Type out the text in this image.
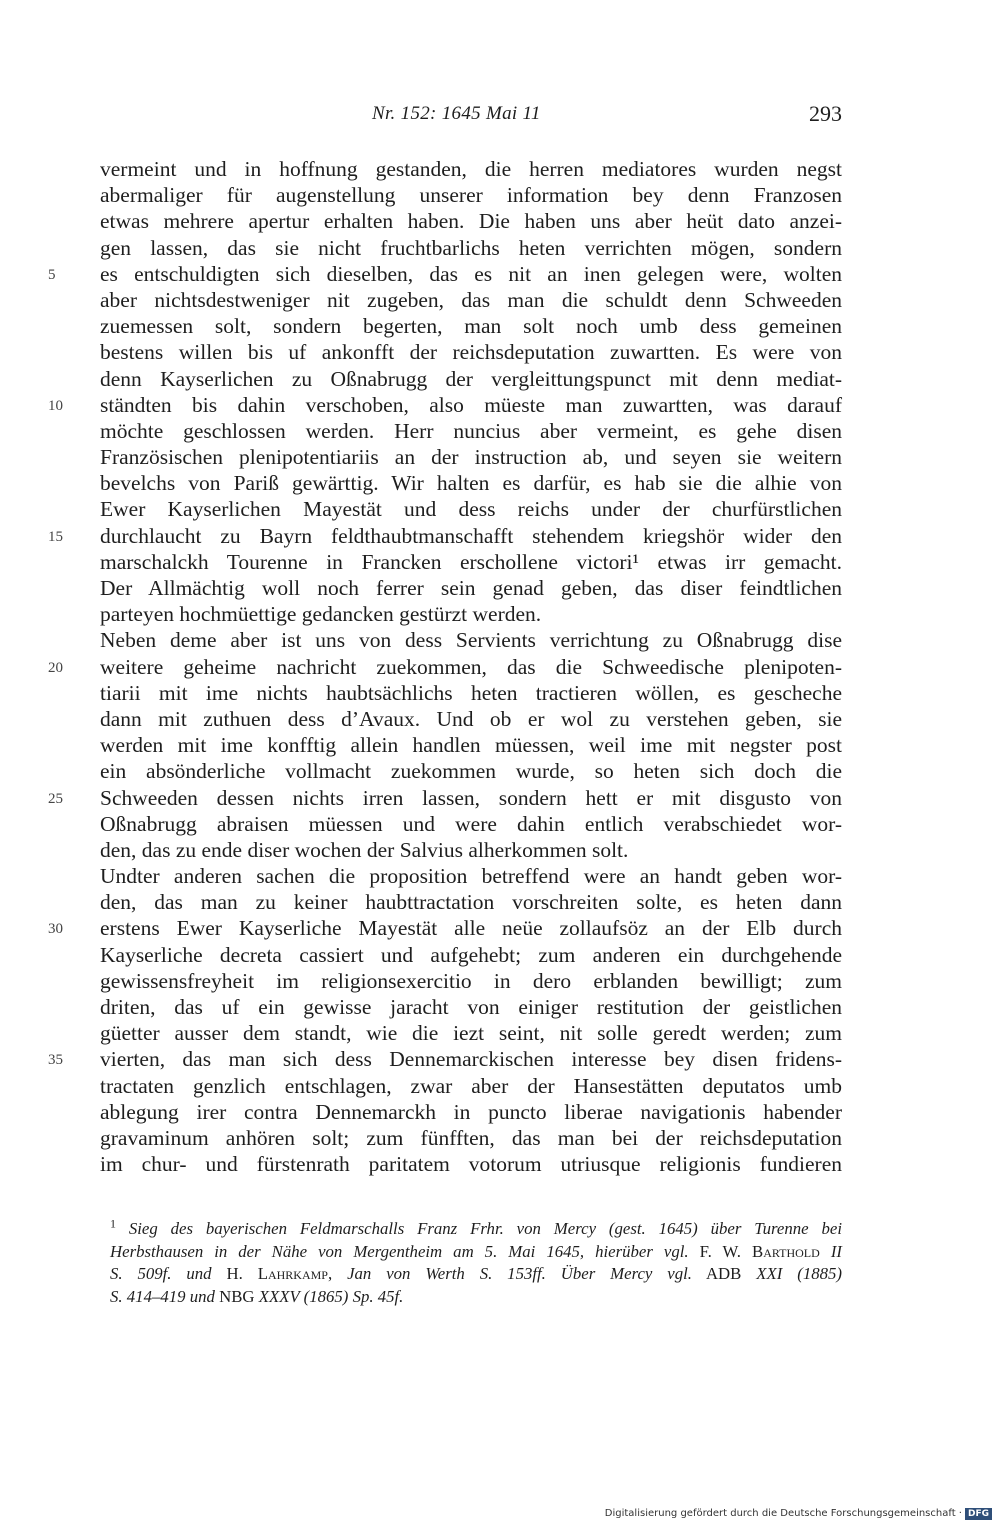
Nr. 152: 1645 Mai 11	293
vermeint und in hoffnung gestanden, die herren mediatores wurden negst
abermaliger für augenstellung unserer information bey denn Franzosen
etwas mehrere apertur erhalten haben. Die haben uns aber heüt dato anzei-
gen lassen, das sie nicht fruchtbarlichs heten verrichten mögen, sondern
5	es entschuldigten sich dieselben, das es nit an inen gelegen were, wolten
aber nichtsdestweniger nit zugeben, das man die schuldt denn Schweeden
zuemessen solt, sondern begerten, man solt noch umb dess gemeinen
bestens willen bis uf ankonfft der reichsdeputation zuwartten. Es were von
denn Kayserlichen zu Oßnabrugg der vergleittungspunct mit denn mediat-
10	ständten bis dahin verschoben, also müeste man zuwartten, was darauf
möchte geschlossen werden. Herr nuncius aber vermeint, es gehe disen
Französischen plenipotentiariis an der instruction ab, und seyen sie weitern
bevelchs von Pariß gewärttig. Wir halten es darfür, es hab sie die alhie von
Ewer Kayserlichen Mayestät und dess reichs under der churfürstlichen
15	durchlaucht zu Bayrn feldthaubtmanschafft stehendem kriegshör wider den
marschalckh Tourenne in Francken erschollene victori¹ etwas irr gemacht.
Der Allmächtig woll noch ferrer sein genad geben, das diser feindtlichen
parteyen hochmüettige gedancken gestürzt werden.
Neben deme aber ist uns von dess Servients verrichtung zu Oßnabrugg dise
20	weitere geheime nachricht zuekommen, das die Schweedische plenipoten-
tiarii mit ime nichts haubtsächlichs heten tractieren wöllen, es gescheche
dann mit zuthuen dess d’Avaux. Und ob er wol zu verstehen geben, sie
werden mit ime konfftig allein handlen müessen, weil ime mit negster post
ein absönderliche vollmacht zuekommen wurde, so heten sich doch die
25	Schweeden dessen nichts irren lassen, sondern hett er mit disgusto von
Oßnabrugg abraisen müessen und were dahin entlich verabschiedet wor-
den, das zu ende diser wochen der Salvius alherkommen solt.
Undter anderen sachen die proposition betreffend were an handt geben wor-
den, das man zu keiner haubttractation vorschreiten solte, es heten dann
30	erstens Ewer Kayserliche Mayestät alle neüe zollaufsöz an der Elb durch
Kayserliche decreta cassiert und aufgehebt; zum anderen ein durchgehende
gewissensfreyheit im religionsexercitio in dero erblanden bewilligt; zum
driten, das uf ein gewisse jaracht von einiger restitution der geistlichen
güetter ausser dem standt, wie die iezt seint, nit solle geredt werden; zum
35	vierten, das man sich dess Dennemarckischen interesse bey disen fridens-
tractaten genzlich entschlagen, zwar aber der Hansestätten deputatos umb
ablegung irer contra Dennemarckh in puncto liberae navigationis habender
gravaminum anhören solt; zum fünfften, das man bei der reichsdeputation
im chur- und fürstenrath paritatem votorum utriusque religionis fundieren
$^1$ Sieg des bayerischen Feldmarschalls Franz Frhr. von Mercy (gest. 1645) über Turenne bei
Herbsthausen in der Nähe von Mergentheim am 5. Mai 1645, hierüber vgl. F. W. Barthold II
S. 509f. und H. Lahrkamp, Jan von Werth S. 153ff. Über Mercy vgl. ADB XXI (1885)
S. 414–419 und NBG XXXV (1865) Sp. 45f.
Digitalisierung gefördert durch die Deutsche Forschungsgemeinschaft · DFG
